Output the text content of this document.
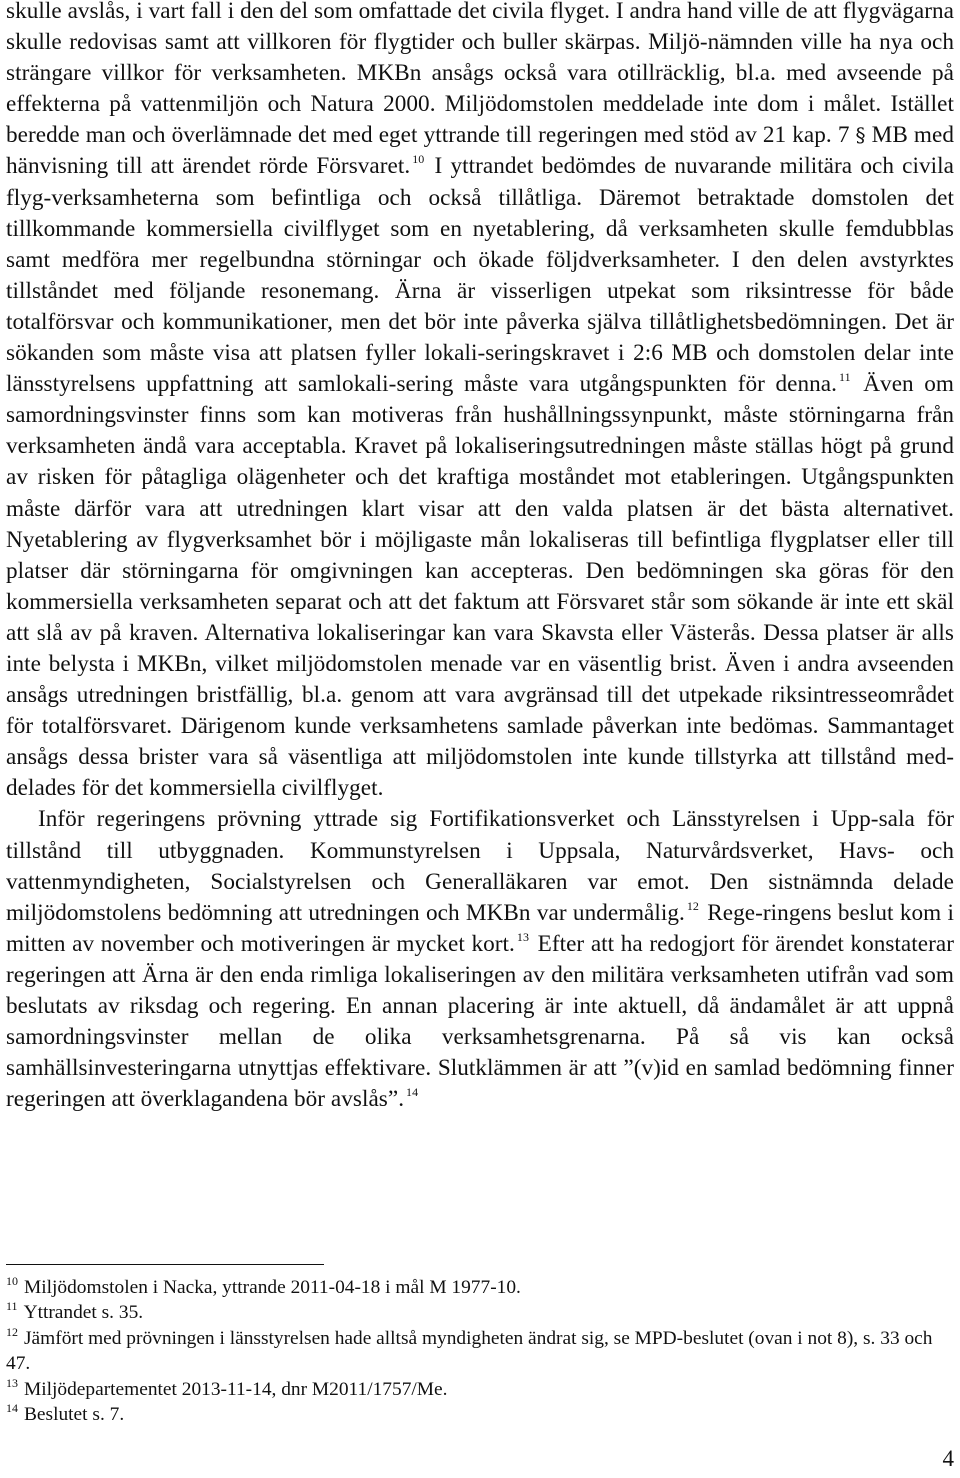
skulle avslås, i vart fall i den del som omfattade det civila flyget. I andra hand ville de att flygvägarna skulle redovisas samt att villkoren för flygtider och buller skärpas. Miljö-nämnden ville ha nya och strängare villkor för verksamheten. MKBn ansågs också vara otillräcklig, bl.a. med avseende på effekterna på vattenmiljön och Natura 2000. Miljödomstolen meddelade inte dom i målet. Istället beredde man och överlämnade det med eget yttrande till regeringen med stöd av 21 kap. 7 § MB med hänvisning till att ärendet rörde Försvaret. $^{10}$ I yttrandet bedömdes de nuvarande militära och civila flyg-verksamheterna som befintliga och också tillåtliga. Däremot betraktade domstolen det tillkommande kommersiella civilflyget som en nyetablering, då verksamheten skulle femdubblas samt medföra mer regelbundna störningar och ökade följdverksamheter. I den delen avstyrktes tillståndet med följande resonemang. Ärna är visserligen utpekat som riksintresse för både totalförsvar och kommunikationer, men det bör inte påverka själva tillåtlighetsbedömningen. Det är sökanden som måste visa att platsen fyller lokali-seringskravet i 2:6 MB och domstolen delar inte länsstyrelsens uppfattning att samlokali-sering måste vara utgångspunkten för denna. $^{11}$ Även om samordningsvinster finns som kan motiveras från hushållningssynpunkt, måste störningarna från verksamheten ändå vara acceptabla. Kravet på lokaliseringsutredningen måste ställas högt på grund av risken för påtagliga olägenheter och det kraftiga moståndet mot etableringen. Utgångspunkten måste därför vara att utredningen klart visar att den valda platsen är det bästa alternativet. Nyetablering av flygverksamhet bör i möjligaste mån lokaliseras till befintliga flygplatser eller till platser där störningarna för omgivningen kan accepteras. Den bedömningen ska göras för den kommersiella verksamheten separat och att det faktum att Försvaret står som sökande är inte ett skäl att slå av på kraven. Alternativa lokaliseringar kan vara Skavsta eller Västerås. Dessa platser är alls inte belysta i MKBn, vilket miljödomstolen menade var en väsentlig brist. Även i andra avseenden ansågs utredningen bristfällig, bl.a. genom att vara avgränsad till det utpekade riksintresseområdet för totalförsvaret. Därigenom kunde verksamhetens samlade påverkan inte bedömas. Sammantaget ansågs dessa brister vara så väsentliga att miljödomstolen inte kunde tillstyrka att tillstånd med-delades för det kommersiella civilflyget.

Inför regeringens prövning yttrade sig Fortifikationsverket och Länsstyrelsen i Upp-sala för tillstånd till utbyggnaden. Kommunstyrelsen i Uppsala, Naturvårdsverket, Havs- och vattenmyndigheten, Socialstyrelsen och Generalläkaren var emot. Den sistnämnda delade miljödomstolens bedömning att utredningen och MKBn var undermålig. $^{12}$ Rege-ringens beslut kom i mitten av november och motiveringen är mycket kort. $^{13}$ Efter att ha redogjort för ärendet konstaterar regeringen att Ärna är den enda rimliga lokaliseringen av den militära verksamheten utifrån vad som beslutats av riksdag och regering. En annan placering är inte aktuell, då ändamålet är att uppnå samordningsvinster mellan de olika verksamhetsgrenarna. På så vis kan också samhällsinvesteringarna utnyttjas effektivare. Slutklämmen är att ”(v)id en samlad bedömning finner regeringen att överklagandena bör avslås”. $^{14}$

$^{10}$ Miljödomstolen i Nacka, yttrande 2011-04-18 i mål M 1977-10.

$^{11}$ Yttrandet s. 35.

$^{12}$ Jämfört med prövningen i länsstyrelsen hade alltså myndigheten ändrat sig, se MPD-beslutet (ovan i not 8), s. 33 och 47.

$^{13}$ Miljödepartementet 2013-11-14, dnr M2011/1757/Me.

$^{14}$ Beslutet s. 7.

4
